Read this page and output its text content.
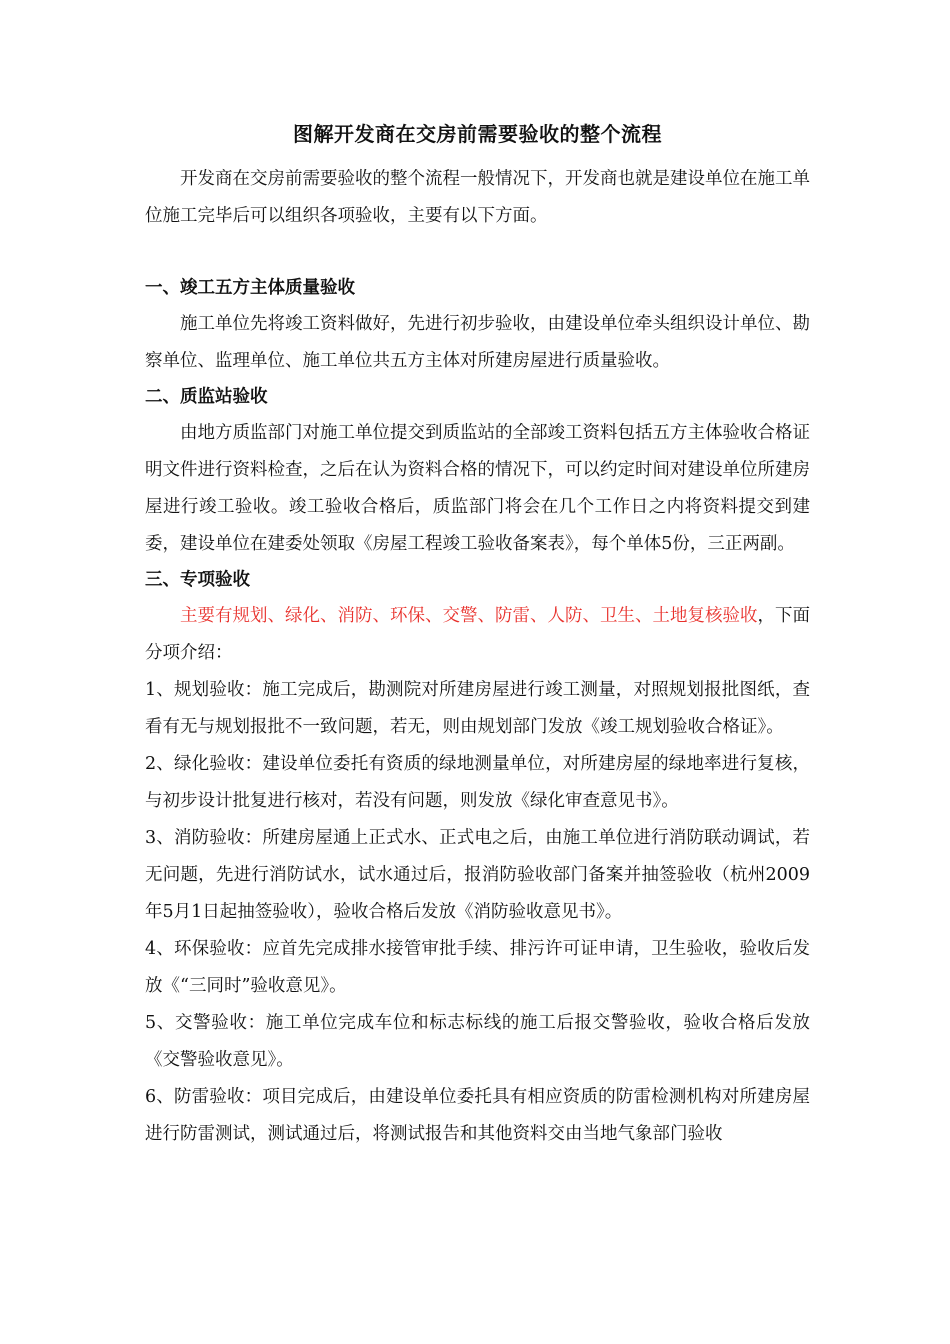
图解开发商在交房前需要验收的整个流程

开发商在交房前需要验收的整个流程一般情况下，开发商也就是建设单位在施工单位施工完毕后可以组织各项验收，主要有以下方面。

一、竣工五方主体质量验收

施工单位先将竣工资料做好，先进行初步验收，由建设单位牵头组织设计单位、勘察单位、监理单位、施工单位共五方主体对所建房屋进行质量验收。

二、质监站验收

由地方质监部门对施工单位提交到质监站的全部竣工资料包括五方主体验收合格证明文件进行资料检查，之后在认为资料合格的情况下，可以约定时间对建设单位所建房屋进行竣工验收。竣工验收合格后，质监部门将会在几个工作日之内将资料提交到建委，建设单位在建委处领取《房屋工程竣工验收备案表》，每个单体5份，三正两副。

三、专项验收

主要有规划、绿化、消防、环保、交警、防雷、人防、卫生、土地复核验收，下面分项介绍：

1、规划验收：施工完成后，勘测院对所建房屋进行竣工测量，对照规划报批图纸，查看有无与规划报批不一致问题，若无，则由规划部门发放《竣工规划验收合格证》。

2、绿化验收：建设单位委托有资质的绿地测量单位，对所建房屋的绿地率进行复核，与初步设计批复进行核对，若没有问题，则发放《绿化审查意见书》。

3、消防验收：所建房屋通上正式水、正式电之后，由施工单位进行消防联动调试，若无问题，先进行消防试水，试水通过后，报消防验收部门备案并抽签验收（杭州2009年5月1日起抽签验收），验收合格后发放《消防验收意见书》。

4、环保验收：应首先完成排水接管审批手续、排污许可证申请，卫生验收，验收后发放《“三同时”验收意见》。

5、交警验收：施工单位完成车位和标志标线的施工后报交警验收，验收合格后发放《交警验收意见》。

6、防雷验收：项目完成后，由建设单位委托具有相应资质的防雷检测机构对所建房屋进行防雷测试，测试通过后，将测试报告和其他资料交由当地气象部门验收
